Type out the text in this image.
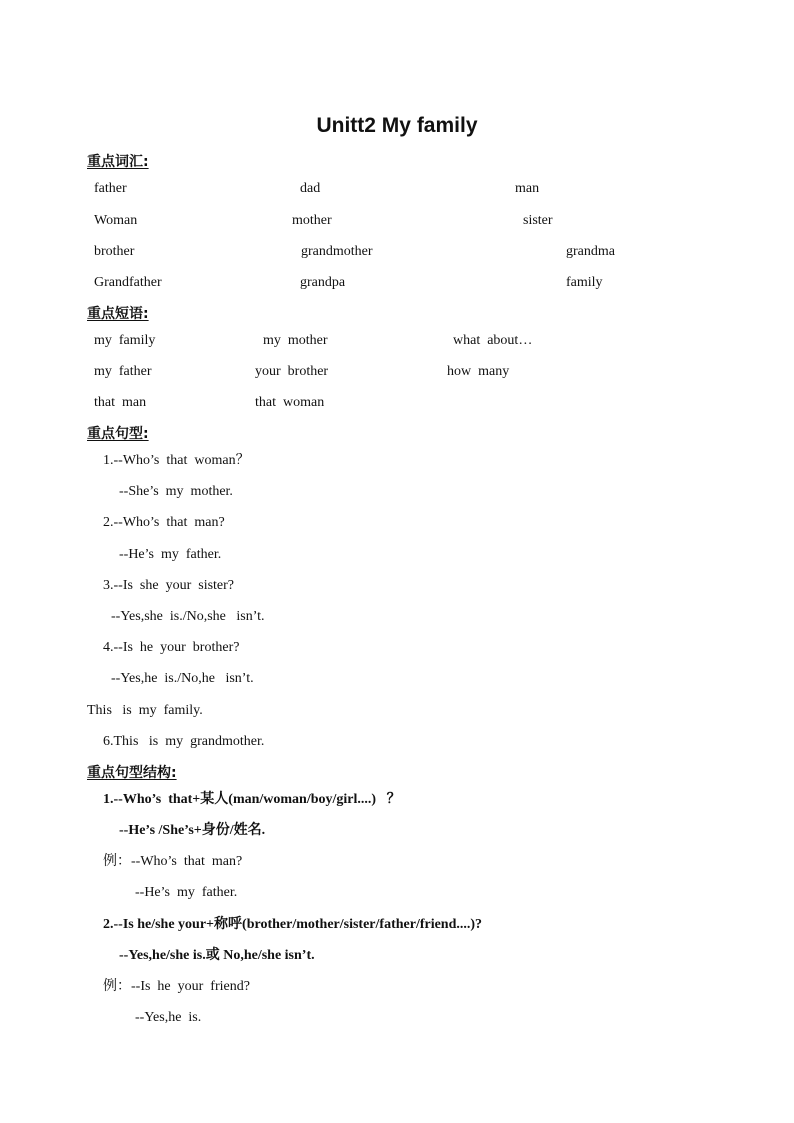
Unitt2 My family
重点词汇:
father	dad	man
Woman	mother	sister
brother	grandmother	grandma
Grandfather	grandpa	family
重点短语:
my  family	my  mother	what  about…
my  father	your  brother	how  many
that  man	that  woman
重点句型:
1.--Who’s  that  woman？
--She’s  my  mother.
2.--Who’s  that  man?
--He’s  my  father.
3.--Is  she  your  sister?
--Yes,she  is./No,she   isn’t.
4.--Is  he  your  brother?
--Yes,he  is./No,he   isn’t.
This   is  my  family.
6.This   is  my  grandmother.
重点句型结构:
1.--Who’s  that+某人(man/woman/boy/girl....)   ？
--He’s /She’s+身份/姓名.
例：--Who’s  that  man?
--He’s  my  father.
2.--Is he/she your+称呼(brother/mother/sister/father/friend....)?
--Yes,he/she is.或 No,he/she isn’t.
例：--Is  he  your  friend?
--Yes,he  is.
